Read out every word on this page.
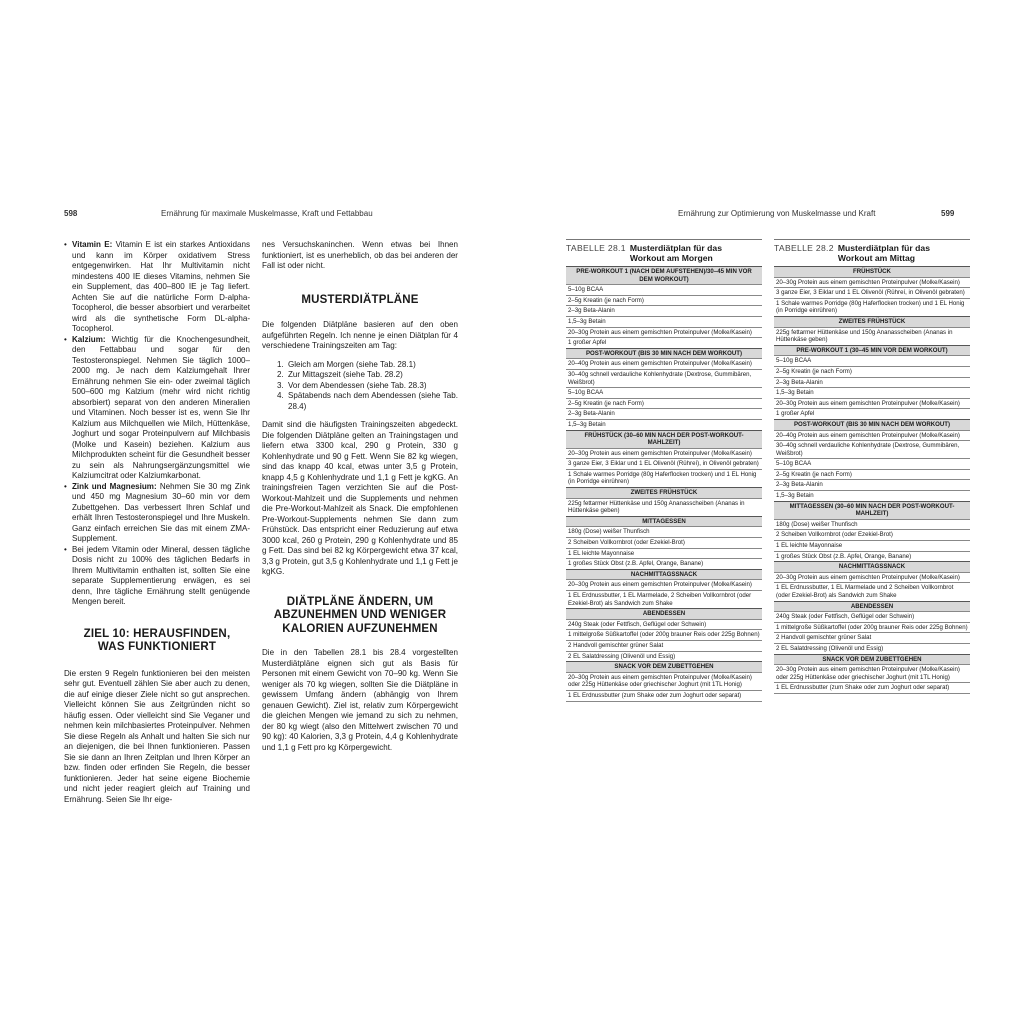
598	Ernährung für maximale Muskelmasse, Kraft und Fettabbau	Ernährung zur Optimierung von Muskelmasse und Kraft	599

• Vitamin E: Vitamin E ist ein starkes Antioxidans und kann im Körper oxidativem Stress entgegenwirken. Hat Ihr Multivitamin nicht mindestens 400 IE dieses Vitamins, nehmen Sie ein Supplement, das 400–800 IE je Tag liefert. Achten Sie auf die natürliche Form D-alpha-Tocopherol, die besser absorbiert und verarbeitet wird als die synthetische Form DL-alpha-Tocopherol.

• Kalzium: Wichtig für die Knochengesundheit, den Fettabbau und sogar für den Testosteronspiegel. Nehmen Sie täglich 1000–2000 mg. Je nach dem Kalziumgehalt Ihrer Ernährung nehmen Sie ein- oder zweimal täglich 500–600 mg Kalzium (mehr wird nicht richtig absorbiert) separat von den anderen Mineralien und Vitaminen. Noch besser ist es, wenn Sie Ihr Kalzium aus Milchquellen wie Milch, Hüttenkäse, Joghurt und sogar Proteinpulvern auf Milchbasis (Molke und Kasein) beziehen. Kalzium aus Milchprodukten scheint für die Gesundheit besser zu sein als Nahrungsergänzungsmittel wie Kalziumcitrat oder Kalziumkarbonat.

• Zink und Magnesium: Nehmen Sie 30 mg Zink und 450 mg Magnesium 30–60 min vor dem Zubettgehen. Das verbessert Ihren Schlaf und erhält Ihren Testosteronspiegel und Ihre Muskeln. Ganz einfach erreichen Sie das mit einem ZMA-Supplement.

• Bei jedem Vitamin oder Mineral, dessen tägliche Dosis nicht zu 100% des täglichen Bedarfs in Ihrem Multivitamin enthalten ist, sollten Sie eine separate Supplementierung erwägen, es sei denn, Ihre tägliche Ernährung stellt genügende Mengen bereit.

ZIEL 10: HERAUSFINDEN,
WAS FUNKTIONIERT

Die ersten 9 Regeln funktionieren bei den meisten sehr gut. Eventuell zählen Sie aber auch zu denen, die auf einige dieser Ziele nicht so gut ansprechen. Vielleicht können Sie aus Zeitgründen nicht so häufig essen. Oder vielleicht sind Sie Veganer und nehmen kein milchbasiertes Proteinpulver. Nehmen Sie diese Regeln als Anhalt und halten Sie sich nur an diejenigen, die bei Ihnen funktionieren. Passen Sie sie dann an Ihren Zeitplan und Ihren Körper an bzw. finden oder erfinden Sie Regeln, die besser funktionieren. Jeder hat seine eigene Biochemie und nicht jeder reagiert gleich auf Training und Ernährung. Seien Sie Ihr eige-

nes Versuchskaninchen. Wenn etwas bei Ihnen funktioniert, ist es unerheblich, ob das bei anderen der Fall ist oder nicht.

MUSTERDIÄTPLÄNE

Die folgenden Diätpläne basieren auf den oben aufgeführten Regeln. Ich nenne je einen Diätplan für 4 verschiedene Trainingszeiten am Tag:

1. Gleich am Morgen (siehe Tab. 28.1)
2. Zur Mittagszeit (siehe Tab. 28.2)
3. Vor dem Abendessen (siehe Tab. 28.3)
4. Spätabends nach dem Abendessen (siehe Tab. 28.4)

Damit sind die häufigsten Trainingszeiten abgedeckt. Die folgenden Diätpläne gelten an Trainingstagen und liefern etwa 3300 kcal, 290 g Protein, 330 g Kohlenhydrate und 90 g Fett. Wenn Sie 82 kg wiegen, sind das knapp 40 kcal, etwas unter 3,5 g Protein, knapp 4,5 g Kohlenhydrate und 1,1 g Fett je kgKG. An trainingsfreien Tagen verzichten Sie auf die Post-Workout-Mahlzeit und die Supplements und nehmen die Pre-Workout-Mahlzeit als Snack. Die empfohlenen Pre-Workout-Supplements nehmen Sie dann zum Frühstück. Das entspricht einer Reduzierung auf etwa 3000 kcal, 260 g Protein, 290 g Kohlenhydrate und 85 g Fett. Das sind bei 82 kg Körpergewicht etwa 37 kcal, 3,3 g Protein, gut 3,5 g Kohlenhydrate und 1,1 g Fett je kgKG.

DIÄTPLÄNE ÄNDERN, UM
ABZUNEHMEN UND WENIGER
KALORIEN AUFZUNEHMEN

Die in den Tabellen 28.1 bis 28.4 vorgestellten Musterdiätpläne eignen sich gut als Basis für Personen mit einem Gewicht von 70–90 kg. Wenn Sie weniger als 70 kg wiegen, sollten Sie die Diätpläne in gewissem Umfang ändern (abhängig von Ihrem genauen Gewicht). Ziel ist, relativ zum Körpergewicht die gleichen Mengen wie jemand zu sich zu nehmen, der 80 kg wiegt (also den Mittelwert zwischen 70 und 90 kg): 40 Kalorien, 3,3 g Protein, 4,4 g Kohlenhydrate und 1,1 g Fett pro kg Körpergewicht.

TABELLE 28.1 Musterdiätplan für das
Workout am Morgen
PRE-WORKOUT 1 (NACH DEM AUFSTEHEN)/30–45 MIN VOR DEM WORKOUT)
5–10g BCAA
2–5g Kreatin (je nach Form)
2–3g Beta-Alanin
1,5–3g Betain
20–30g Protein aus einem gemischten Proteinpulver (Molke/Kasein)
1 großer Apfel
POST-WORKOUT (BIS 30 MIN NACH DEM WORKOUT)
20–40g Protein aus einem gemischten Proteinpulver (Molke/Kasein)
30–40g schnell verdauliche Kohlenhydrate (Dextrose, Gummibären, Weißbrot)
5–10g BCAA
2–5g Kreatin (je nach Form)
2–3g Beta-Alanin
1,5–3g Betain
FRÜHSTÜCK (30–60 MIN NACH DER POST-WORKOUT-MAHLZEIT)
20–30g Protein aus einem gemischten Proteinpulver (Molke/Kasein)
3 ganze Eier, 3 Eiklar und 1 EL Olivenöl (Rühreí), in Olivenöl gebraten)
1 Schale warmes Porridge (80g Haferflocken trocken) und 1 EL Honig (in Porridge einrühren)
ZWEITES FRÜHSTÜCK
225g fettarmer Hüttenkäse und 150g Ananasscheiben (Ananas in Hüttenkäse geben)
MITTAGESSEN
180g (Dose) weißer Thunfisch
2 Scheiben Vollkornbrot (oder Ezekiel-Brot)
1 EL leichte Mayonnaise
1 großes Stück Obst (z.B. Apfel, Orange, Banane)
NACHMITTAGSSNACK
20–30g Protein aus einem gemischten Proteinpulver (Molke/Kasein)
1 EL Erdnussbutter, 1 EL Marmelade, 2 Scheiben Vollkornbrot (oder Ezekiel-Brot) als Sandwich zum Shake
ABENDESSEN
240g Steak (oder Fettfisch, Geflügel oder Schwein)
1 mittelgroße Süßkartoffel (oder 200g brauner Reis oder 225g Bohnen)
2 Handvoll gemischter grüner Salat
2 EL Salatdressing (Olivenöl und Essig)
SNACK VOR DEM ZUBETTGEHEN
20–30g Protein aus einem gemischten Proteinpulver (Molke/Kasein) oder 225g Hüttenkäse oder griechischer Joghurt (mit 1TL Honig)
1 EL Erdnussbutter (zum Shake oder zum Joghurt oder separat)
TABELLE 28.2 Musterdiätplan für das
Workout am Mittag
FRÜHSTÜCK
20–30g Protein aus einem gemischten Proteinpulver (Molke/Kasein)
3 ganze Eier, 3 Eiklar und 1 EL Olivenöl (Rühreí, in Olivenöl gebraten)
1 Schale warmes Porridge (80g Haferflocken trocken) und 1 EL Honig (in Porridge einrühren)
ZWEITES FRÜHSTÜCK
225g fettarmer Hüttenkäse und 150g Ananasscheiben (Ananas in Hüttenkäse geben)
PRE-WORKOUT 1 (30–45 MIN VOR DEM WORKOUT)
5–10g BCAA
2–5g Kreatin (je nach Form)
2–3g Beta-Alanin
1,5–3g Betain
20–30g Protein aus einem gemischten Proteinpulver (Molke/Kasein)
1 großer Apfel
POST-WORKOUT (BIS 30 MIN NACH DEM WORKOUT)
20–40g Protein aus einem gemischten Proteinpulver (Molke/Kasein)
30–40g schnell verdauliche Kohlenhydrate (Dextrose, Gummibären, Weißbrot)
5–10g BCAA
2–5g Kreatin (je nach Form)
2–3g Beta-Alanin
1,5–3g Betain
MITTAGESSEN (30–60 MIN NACH DER POST-WORKOUT-MAHLZEIT)
180g (Dose) weißer Thunfisch
2 Scheiben Vollkornbrot (oder Ezekiel-Brot)
1 EL leichte Mayonnaise
1 großes Stück Obst (z.B. Apfel, Orange, Banane)
NACHMITTAGSSNACK
20–30g Protein aus einem gemischten Proteinpulver (Molke/Kasein)
1 EL Erdnussbutter, 1 EL Marmelade und 2 Scheiben Vollkornbrot (oder Ezekiel-Brot) als Sandwich zum Shake
ABENDESSEN
240g Steak (oder Fettfisch, Geflügel oder Schwein)
1 mittelgroße Süßkartoffel (oder 200g brauner Reis oder 225g Bohnen)
2 Handvoll gemischter grüner Salat
2 EL Salatdressing (Olivenöl und Essig)
SNACK VOR DEM ZUBETTGEHEN
20–30g Protein aus einem gemischten Proteinpulver (Molke/Kasein) oder 225g Hüttenkäse oder griechischer Joghurt (mit 1TL Honig)
1 EL Erdnussbutter (zum Shake oder zum Joghurt oder separat)
